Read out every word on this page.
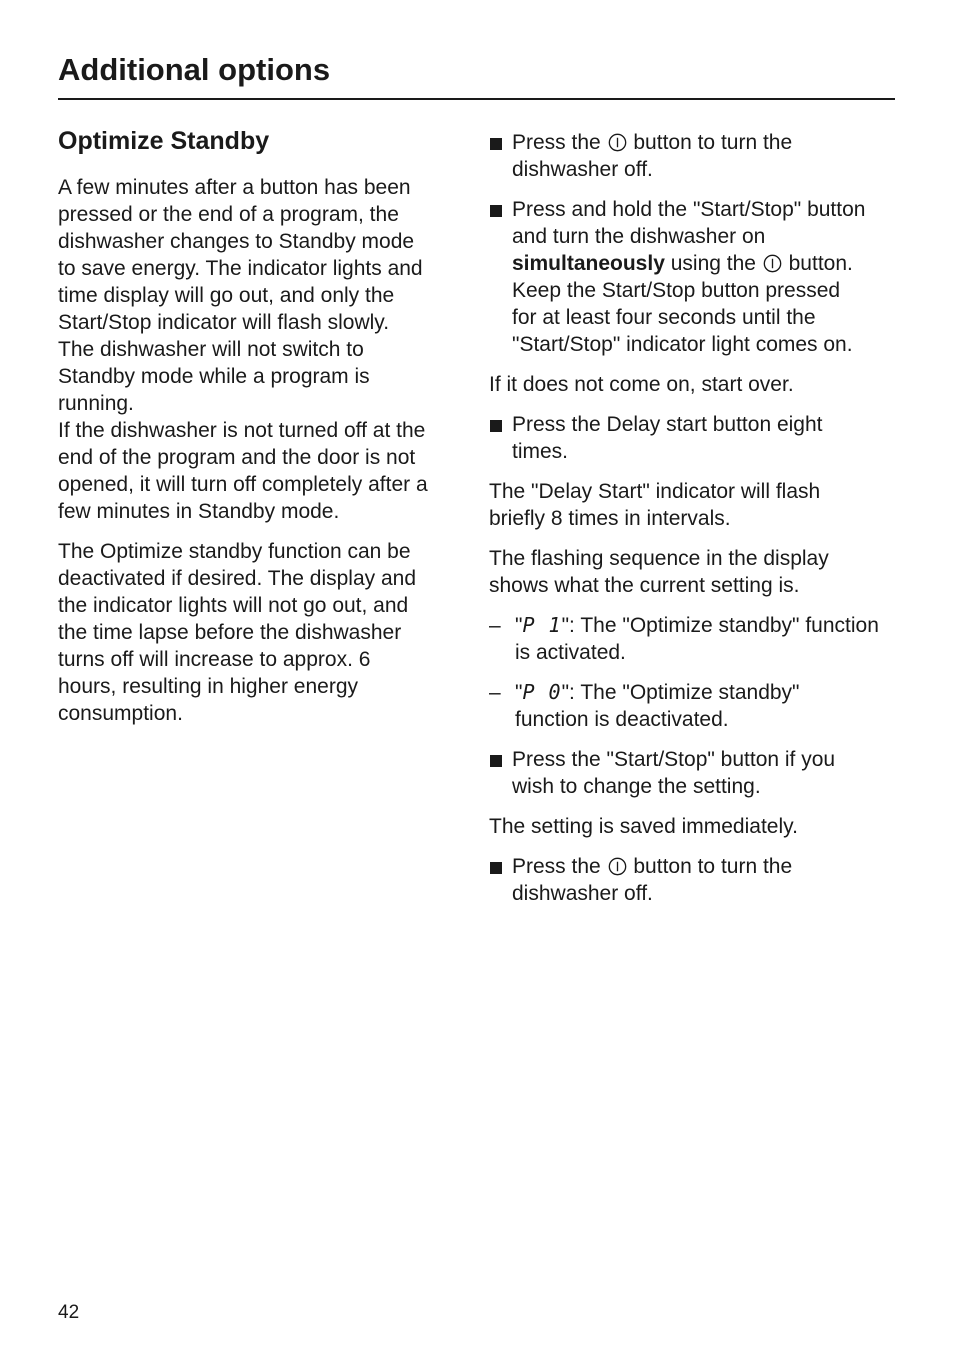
Additional options
Optimize Standby

A few minutes after a button has been
pressed or the end of a program, the
dishwasher changes to Standby mode
to save energy. The indicator lights and
time display will go out, and only the
Start/Stop indicator will flash slowly.
The dishwasher will not switch to
Standby mode while a program is
running.
If the dishwasher is not turned off at the
end of the program and the door is not
opened, it will turn off completely after a
few minutes in Standby mode.

The Optimize standby function can be
deactivated if desired. The display and
the indicator lights will not go out, and
the time lapse before the dishwasher
turns off will increase to approx. 6
hours, resulting in higher energy
consumption.

Press the  button to turn the
dishwasher off.
Press and hold the "Start/Stop" button
and turn the dishwasher on
simultaneously using the  button.
Keep the Start/Stop button pressed
for at least four seconds until the
"Start/Stop" indicator light comes on.

If it does not come on, start over.

Press the Delay start button eight
times.

The "Delay Start" indicator will flash
briefly 8 times in intervals.

The flashing sequence in the display
shows what the current setting is.

– "P 1": The "Optimize standby" function
is activated.
– "P 0": The "Optimize standby"
function is deactivated.
Press the "Start/Stop" button if you
wish to change the setting.

The setting is saved immediately.

Press the  button to turn the
dishwasher off.
42
